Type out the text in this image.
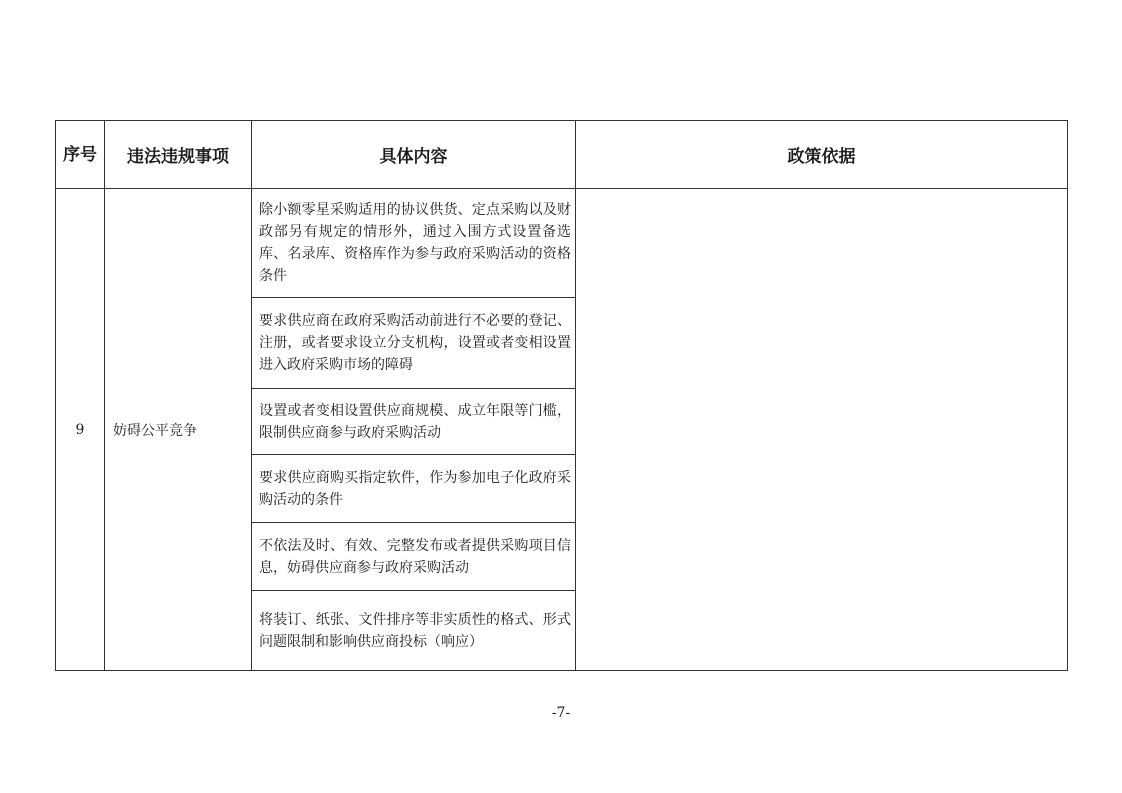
序号	违法违规事项	具体内容	政策依据
9	妨碍公平竞争	除小额零星采购适用的协议供货、定点采购以及财政部另有规定的情形外，通过入围方式设置备选库、名录库、资格库作为参与政府采购活动的资格条件	
		要求供应商在政府采购活动前进行不必要的登记、注册，或者要求设立分支机构，设置或者变相设置进入政府采购市场的障碍	
		设置或者变相设置供应商规模、成立年限等门槛，限制供应商参与政府采购活动	
		要求供应商购买指定软件，作为参加电子化政府采购活动的条件	
		不依法及时、有效、完整发布或者提供采购项目信息，妨碍供应商参与政府采购活动	
		将装订、纸张、文件排序等非实质性的格式、形式问题限制和影响供应商投标（响应）	
-7-
